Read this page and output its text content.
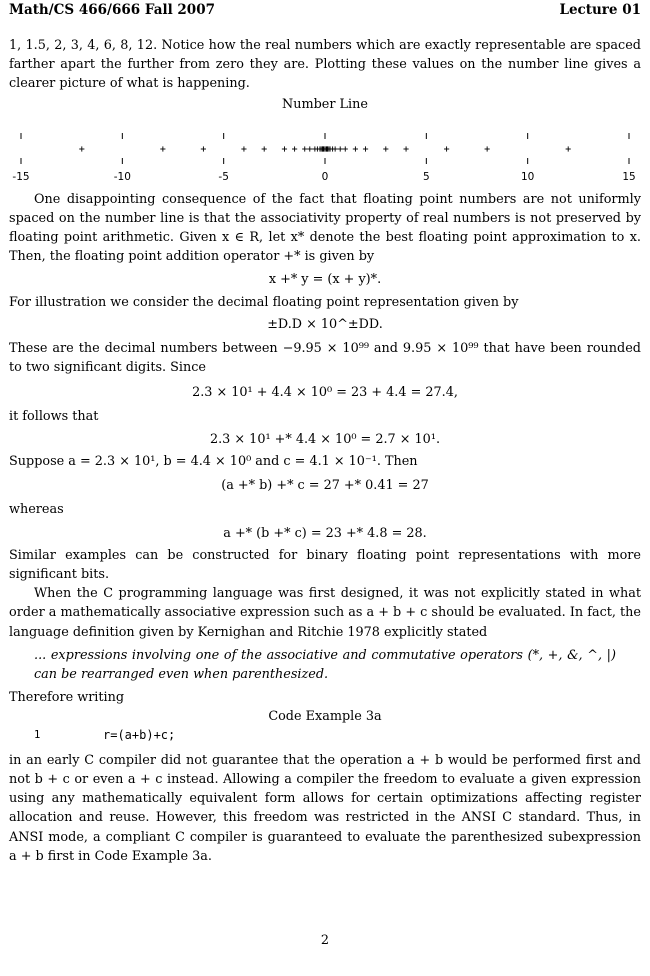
Math/CS 466/666 Fall 2007	Lecture 01

1, 1.5, 2, 3, 4, 6, 8, 12. Notice how the real numbers which are exactly representable are spaced farther apart the further from zero they are. Plotting these values on the number line gives a clearer picture of what is happening.

Number Line
-15	-10	-5	0	5	10	15

One disappointing consequence of the fact that floating point numbers are not uniformly spaced on the number line is that the associativity property of real numbers is not preserved by floating point arithmetic. Given x ∈ R, let x* denote the best floating point approximation to x. Then, the floating point addition operator +* is given by

x +* y = (x + y)*.

For illustration we consider the decimal floating point representation given by

±D.D × 10^±DD.

These are the decimal numbers between −9.95 × 10⁹⁹ and 9.95 × 10⁹⁹ that have been rounded to two significant digits. Since

2.3 × 10¹ + 4.4 × 10⁰ = 23 + 4.4 = 27.4,

it follows that

2.3 × 10¹ +* 4.4 × 10⁰ = 2.7 × 10¹.

Suppose a = 2.3 × 10¹, b = 4.4 × 10⁰ and c = 4.1 × 10⁻¹. Then

(a +* b) +* c = 27 +* 0.41 = 27

whereas

a +* (b +* c) = 23 +* 4.8 = 28.

Similar examples can be constructed for binary floating point representations with more significant bits.

When the C programming language was first designed, it was not explicitly stated in what order a mathematically associative expression such as a + b + c should be evaluated. In fact, the language definition given by Kernighan and Ritchie 1978 explicitly stated

... expressions involving one of the associative and commutative operators (*, +, &, ^, |) can be rearranged even when parenthesized.

Therefore writing

Code Example 3a
1	r=(a+b)+c;

in an early C compiler did not guarantee that the operation a + b would be performed first and not b + c or even a + c instead. Allowing a compiler the freedom to evaluate a given expression using any mathematically equivalent form allows for certain optimizations affecting register allocation and reuse. However, this freedom was restricted in the ANSI C standard. Thus, in ANSI mode, a compliant C compiler is guaranteed to evaluate the parenthesized subexpression a + b first in Code Example 3a.

2
